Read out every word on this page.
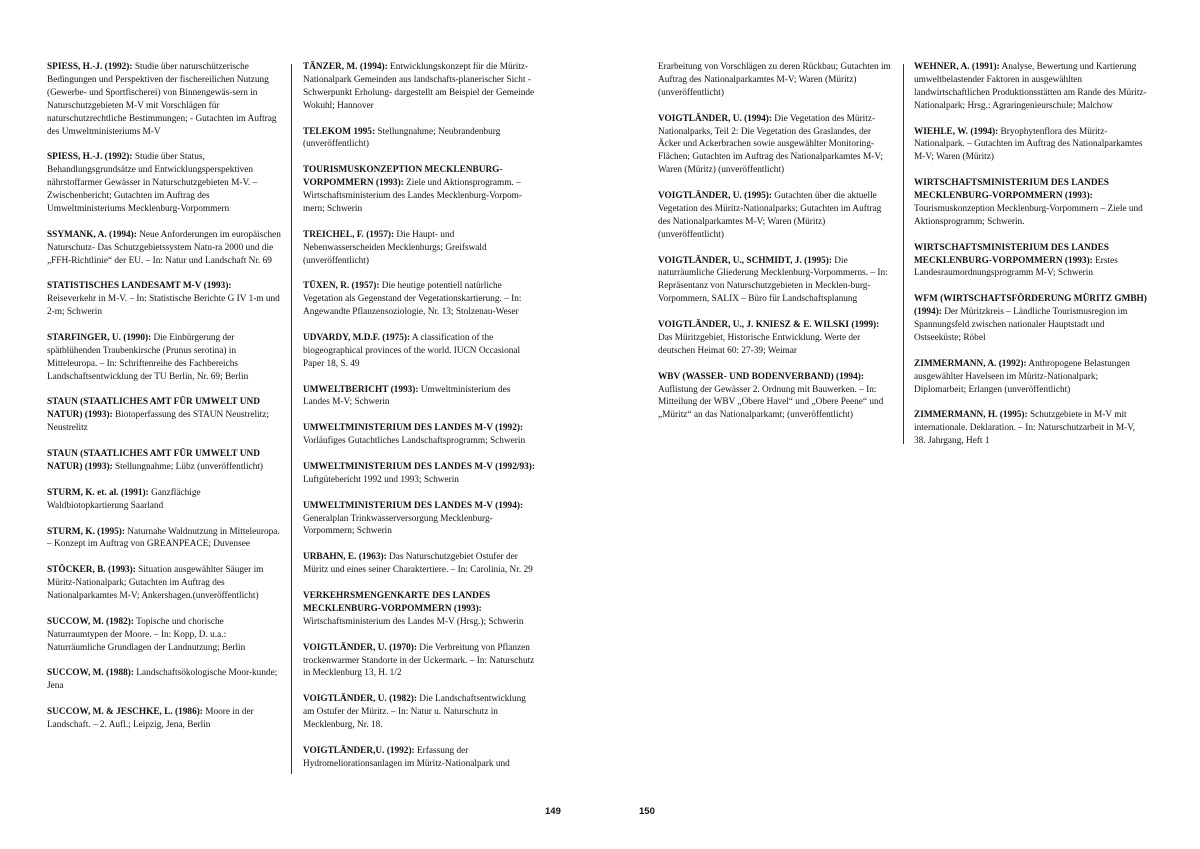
SPIESS, H.-J. (1992): Studie über naturschützerische Bedingungen und Perspektiven der fischereilichen Nutzung (Gewerbe- und Sportfischerei) von Binnengewäs-sern in Naturschutzgebieten M-V mit Vorschlägen für naturschutzrechtliche Bestimmungen; - Gutachten im Auftrag des Umweltministeriums M-V

SPIESS, H.-J. (1992): Studie über Status, Behandlungsgrundsätze und Entwicklungsperspektiven nährstoffarmer Gewässer in Naturschutzgebieten M-V. – Zwischenbericht; Gutachten im Auftrag des Umweltministeriums Mecklenburg-Vorpommern

SSYMANK, A. (1994): Neue Anforderungen im europäischen Naturschutz- Das Schutzgebietssystem Natu-ra 2000 und die „FFH-Richtlinie“ der EU. – In: Natur und Landschaft Nr. 69

STATISTISCHES LANDESAMT M-V (1993): Reiseverkehr in M-V. – In: Statistische Berichte G IV 1-m und 2-m; Schwerin

STARFINGER, U. (1990): Die Einbürgerung der spätblühenden Traubenkirsche (Prunus serotina) in Mitteleuropa. – In: Schriftenreihe des Fachbereichs Landschaftsentwicklung der TU Berlin, Nr. 69; Berlin

STAUN (STAATLICHES AMT FÜR UMWELT UND NATUR) (1993): Biotoperfassung des STAUN Neustrelitz; Neustrelitz

STAUN (STAATLICHES AMT FÜR UMWELT UND NATUR) (1993): Stellungnahme; Lübz (unveröffentlicht)

STURM, K. et. al. (1991): Ganzflächige Waldbiotopkartierung Saarland

STURM, K. (1995): Naturnahe Waldnutzung in Mitteleuropa. – Konzept im Auftrag von GREANPEACE; Duvensee

STÖCKER, B. (1993): Situation ausgewählter Säuger im Müritz-Nationalpark; Gutachten im Auftrag des Nationalparkamtes M-V; Ankershagen.(unveröffentlicht)

SUCCOW, M. (1982): Topische und chorische Naturraumtypen der Moore. – In: Kopp, D. u.a.: Naturräumliche Grundlagen der Landnutzung; Berlin

SUCCOW, M. (1988): Landschaftsökologische Moor-kunde; Jena

SUCCOW, M. & JESCHKE, L. (1986): Moore in der Landschaft. – 2. Aufl.; Leipzig, Jena, Berlin

TÄNZER, M. (1994): Entwicklungskonzept für die Müritz-Nationalpark Gemeinden aus landschafts-planerischer Sicht -Schwerpunkt Erholung- dargestellt am Beispiel der Gemeinde Wokuhl; Hannover

TELEKOM 1995: Stellungnahme; Neubrandenburg (unveröffentlicht)

TOURISMUSKONZEPTION MECKLENBURG-VORPOMMERN (1993): Ziele und Aktionsprogramm. – Wirtschaftsministerium des Landes Mecklenburg-Vorpom-mern; Schwerin

TREICHEL, F. (1957): Die Haupt- und Nebenwasserscheiden Mecklenburgs; Greifswald (unveröffentlicht)

TÜXEN, R. (1957): Die heutige potentiell natürliche Vegetation als Gegenstand der Vegetationskartierung. – In: Angewandte Pflanzensoziologie, Nr. 13; Stolzenau-Weser

UDVARDY, M.D.F. (1975): A classification of the biogeographical provinces of the world. IUCN Occasional Paper 18, S. 49

UMWELTBERICHT (1993): Umweltministerium des Landes M-V; Schwerin

UMWELTMINISTERIUM DES LANDES M-V (1992): Vorläufiges Gutachtliches Landschaftsprogramm; Schwerin

UMWELTMINISTERIUM DES LANDES M-V (1992/93): Luftgütebericht 1992 und 1993; Schwerin

UMWELTMINISTERIUM DES LANDES M-V (1994): Generalplan Trinkwasserversorgung Mecklenburg-Vorpommern; Schwerin

URBAHN, E. (1963): Das Naturschutzgebiet Ostufer der Müritz und eines seiner Charaktertiere. – In: Carolinia, Nr. 29

VERKEHRSMENGENKARTE DES LANDES MECKLENBURG-VORPOMMERN (1993): Wirtschaftsministerium des Landes M-V (Hrsg.); Schwerin

VOIGTLÄNDER, U. (1970): Die Verbreitung von Pflanzen trockenwarmer Standorte in der Uckermark. – In: Naturschutz in Mecklenburg 13, H. 1/2

VOIGTLÄNDER, U. (1982): Die Landschaftsentwicklung am Ostufer der Müritz. – In: Natur u. Naturschutz in Mecklenburg, Nr. 18.

VOIGTLÄNDER,U. (1992): Erfassung der Hydromeliorationsanlagen im Müritz-Nationalpark und

Erarbeitung von Vorschlägen zu deren Rückbau; Gutachten im Auftrag des Nationalparkamtes M-V; Waren (Müritz) (unveröffentlicht)

VOIGTLÄNDER, U. (1994): Die Vegetation des Müritz-Nationalparks, Teil 2: Die Vegetation des Graslandes, der Äcker und Ackerbrachen sowie ausgewählter Monitoring-Flächen; Gutachten im Auftrag des Nationalparkamtes M-V; Waren (Müritz) (unveröffentlicht)

VOIGTLÄNDER, U. (1995): Gutachten über die aktuelle Vegetation des Müritz-Nationalparks; Gutachten im Auftrag des Nationalparkamtes M-V; Waren (Müritz) (unveröffentlicht)

VOIGTLÄNDER, U., SCHMIDT, J. (1995): Die naturräumliche Gliederung Mecklenburg-Vorpommerns. – In: Repräsentanz von Naturschutzgebieten in Mecklen-burg-Vorpommern, SALIX – Büro für Landschaftsplanung

VOIGTLÄNDER, U., J. KNIESZ & E. WILSKI (1999): Das Müritzgebiet, Historische Entwicklung. Werte der deutschen Heimat 60: 27-39; Weimar

WBV (WASSER- UND BODENVERBAND) (1994): Auflistung der Gewässer 2. Ordnung mit Bauwerken. – In: Mitteilung der WBV „Obere Havel“ und „Obere Peene“ und „Müritz“ an das Nationalparkamt; (unveröffentlicht)

WEHNER, A. (1991): Analyse, Bewertung und Kartierung umweltbelastender Faktoren in ausgewählten landwirtschaftlichen Produktionsstätten am Rande des Müritz-Nationalpark; Hrsg.: Agraringenieurschule; Malchow

WIEHLE, W. (1994): Bryophytenflora des Müritz-Nationalpark. – Gutachten im Auftrag des Nationalparkamtes M-V; Waren (Müritz)

WIRTSCHAFTSMINISTERIUM DES LANDES MECKLENBURG-VORPOMMERN (1993): Tourismuskonzeption Mecklenburg-Vorpommern – Ziele und Aktionsprogramm; Schwerin.

WIRTSCHAFTSMINISTERIUM DES LANDES MECKLENBURG-VORPOMMERN (1993): Erstes Landesraumordnungsprogramm M-V; Schwerin

WFM (WIRTSCHAFTSFÖRDERUNG MÜRITZ GMBH) (1994): Der Müritzkreis – Ländliche Tourismusregion im Spannungsfeld zwischen nationaler Hauptstadt und Ostseeküste; Röbel

ZIMMERMANN, A. (1992): Anthropogene Belastungen ausgewählter Havelseen im Müritz-Nationalpark; Diplomarbeit; Erlangen (unveröffentlicht)

ZIMMERMANN, H. (1995): Schutzgebiete in M-V mit internationale. Deklaration. – In: Naturschutzarbeit in M-V, 38. Jahrgang, Heft 1

149	150
